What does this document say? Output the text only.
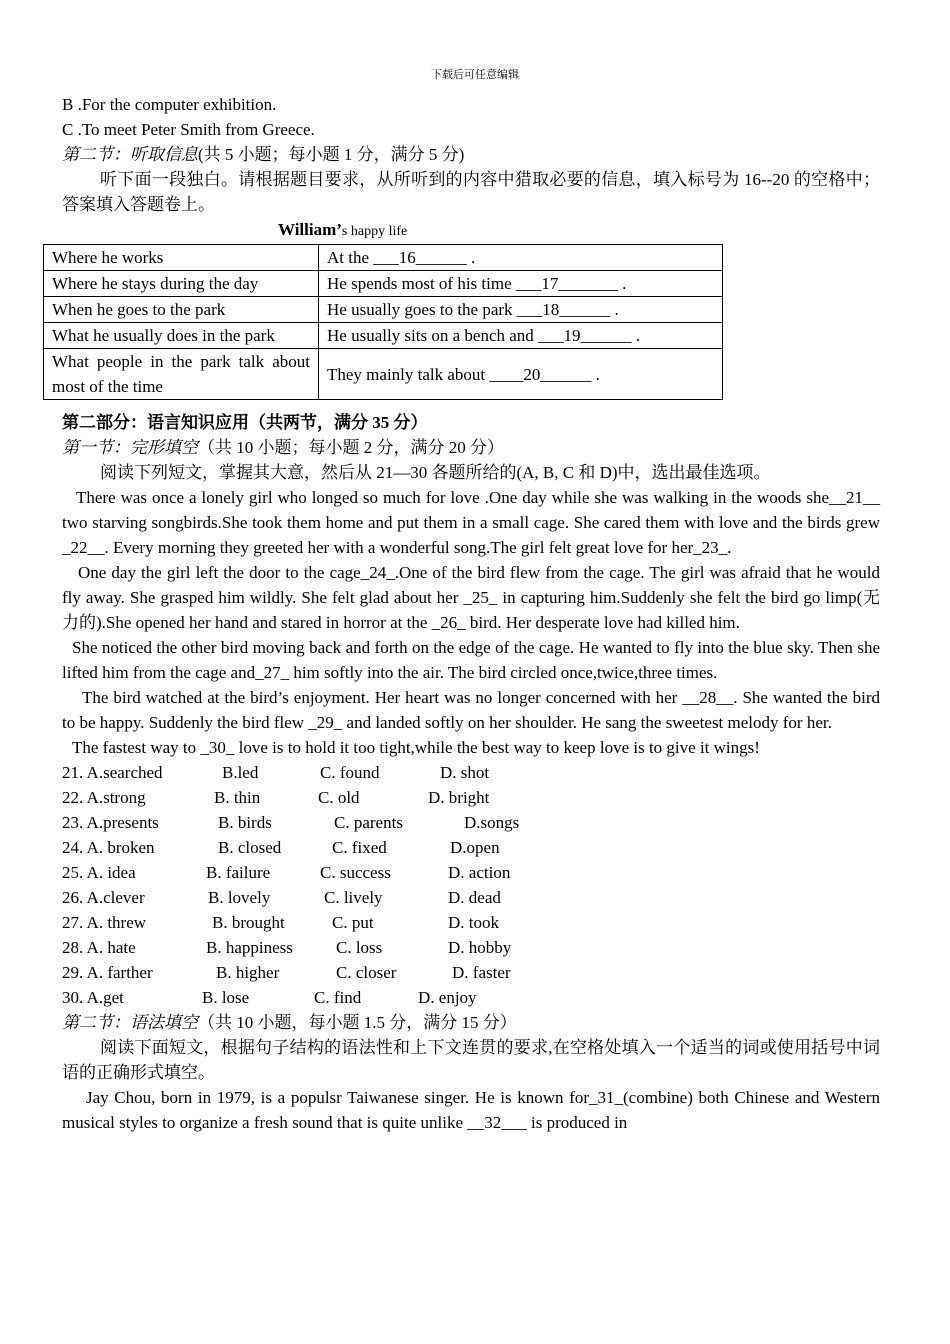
下载后可任意编辑
B .For the computer exhibition.
C .To meet Peter Smith from Greece.
第二节：听取信息(共 5 小题；每小题 1 分，满分 5 分)
听下面一段独白。请根据题目要求，从所听到的内容中猎取必要的信息，填入标号为 16--20 的空格中；答案填入答题卷上。
William’s happy life
Where he works	At the ___16______ .
Where he stays during the day	He spends most of his time ___17_______ .
When he goes to the park	He usually goes to the park ___18______ .
What he usually does in the park	He usually sits on a bench and ___19______ .
What people in the park talk about most of the time	They mainly talk about ____20______ .
第二部分：语言知识应用（共两节，满分 35 分）
第一节：完形填空（共 10 小题；每小题 2 分，满分 20 分）
阅读下列短文，掌握其大意，然后从 21—30 各题所给的(A, B, C 和 D)中，选出最佳选项。
There was once a lonely girl who longed so much for love .One day while she was walking in the woods she__21__ two starving songbirds.She took them home and put them in a small cage. She cared them with love and the birds grew _22__. Every morning they greeted her with a wonderful song.The girl felt great love for her_23_.
One day the girl left the door to the cage_24_.One of the bird flew from the cage. The girl was afraid that he would fly away. She grasped him wildly. She felt glad about her _25_ in capturing him.Suddenly she felt the bird go limp(无力的).She opened her hand and stared in horror at the _26_ bird. Her desperate love had killed him.
She noticed the other bird moving back and forth on the edge of the cage. He wanted to fly into the blue sky. Then she lifted him from the cage and_27_ him softly into the air. The bird circled once,twice,three times.
The bird watched at the bird’s enjoyment. Her heart was no longer concerned with her __28__. She wanted the bird to be happy. Suddenly the bird flew _29_ and landed softly on her shoulder. He sang the sweetest melody for her.
The fastest way to _30_ love is to hold it too tight,while the best way to keep love is to give it wings!
21. A.searched	B.led	C. found	D. shot
22. A.strong	B. thin	C. old	D. bright
23. A.presents	B. birds	C. parents	D.songs
24. A. broken	B. closed	C. fixed	D.open
25. A. idea	B. failure	C. success	D. action
26. A.clever	B. lovely	C. lively	D. dead
27. A. threw	B. brought	C. put	D. took
28. A. hate	B. happiness	C. loss	D. hobby
29. A. farther	B. higher	C. closer	D. faster
30. A.get	B. lose	C. find	D. enjoy
第二节：语法填空（共 10 小题，每小题 1.5 分，满分 15 分）
阅读下面短文，根据句子结构的语法性和上下文连贯的要求,在空格处填入一个适当的词或使用括号中词语的正确形式填空。
Jay Chou, born in 1979, is a populsr Taiwanese singer. He is known for_31_(combine) both Chinese and Western musical styles to organize a fresh sound that is quite unlike __32___ is produced in
